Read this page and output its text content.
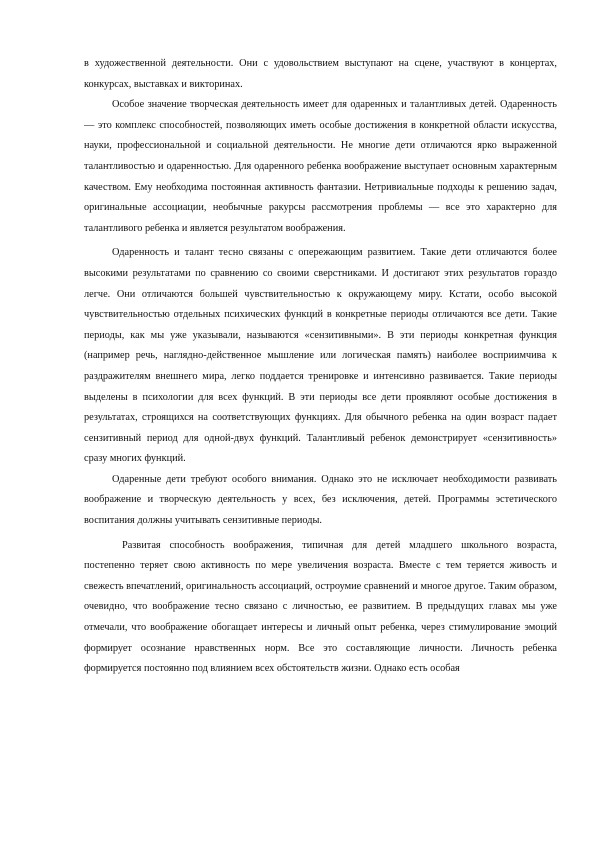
в художественной деятельности. Они с удовольствием выступают на сцене, участвуют в концертах, конкурсах, выставках и викторинах.

Особое значение творческая деятельность имеет для одаренных и талантливых детей. Одаренность — это комплекс способностей, позволяющих иметь особые достижения в конкретной области искусства, науки, профессиональной и социальной деятельности. Не многие дети отличаются ярко выраженной талантливостью и одаренностью. Для одаренного ребенка воображение выступает основным характерным качеством. Ему необходима постоянная активность фантазии. Нетривиальные подходы к решению задач, оригинальные ассоциации, необычные ракурсы рассмотрения проблемы — все это характерно для талантливого ребенка и является результатом воображения.

Одаренность и талант тесно связаны с опережающим развитием. Такие дети отличаются более высокими результатами по сравнению со своими сверстниками. И достигают этих результатов гораздо легче. Они отличаются большей чувствительностью к окружающему миру. Кстати, особо высокой чувствительностью отдельных психических функций в конкретные периоды отличаются все дети. Такие периоды, как мы уже указывали, называются «сензитивными». В эти периоды конкретная функция (например речь, наглядно-действенное мышление или логическая память) наиболее восприимчива к раздражителям внешнего мира, легко поддается тренировке и интенсивно развивается. Такие периоды выделены в психологии для всех функций. В эти периоды все дети проявляют особые достижения в результатах, строящихся на соответствующих функциях. Для обычного ребенка на один возраст падает сензитивный период для одной-двух функций. Талантливый ребенок демонстрирует «сензитивность» сразу многих функций.

Одаренные дети требуют особого внимания. Однако это не исключает необходимости развивать воображение и творческую деятельность у всех, без исключения, детей. Программы эстетического воспитания должны учитывать сензитивные периоды.

Развитая способность воображения, типичная для детей младшего школьного возраста, постепенно теряет свою активность по мере увеличения возраста. Вместе с тем теряется живость и свежесть впечатлений, оригинальность ассоциаций, остроумие сравнений и многое другое. Таким образом, очевидно, что воображение тесно связано с личностью, ее развитием. В предыдущих главах мы уже отмечали, что воображение обогащает интересы и личный опыт ребенка, через стимулирование эмоций формирует осознание нравственных норм. Все это составляющие личности. Личность ребенка формируется постоянно под влиянием всех обстоятельств жизни. Однако есть особая
